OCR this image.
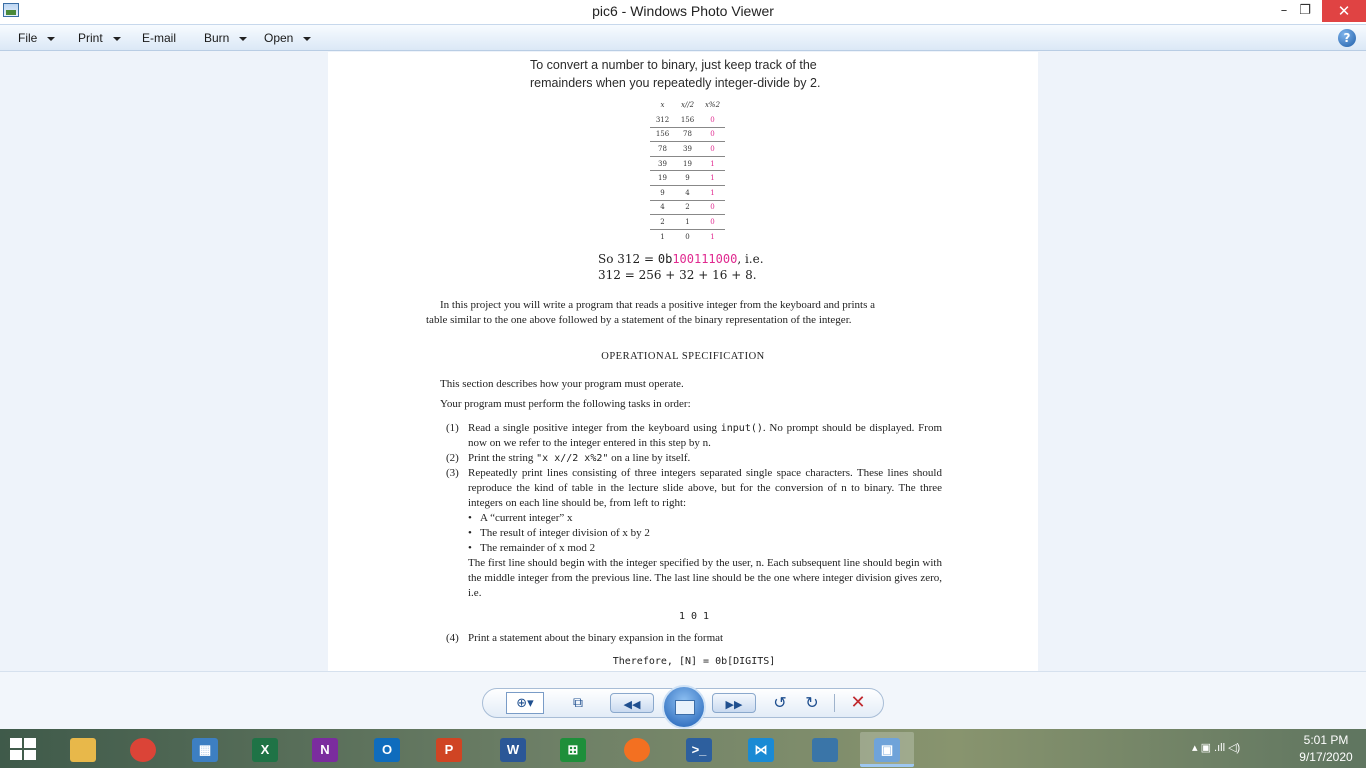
pic6 - Windows Photo Viewer	– ❐	✕
File	Print	E-mail Burn	Open	?
To convert a number to binary, just keep track of the
remainders when you repeatedly integer-divide by 2.
x	x//2	x%2
312	156	0
156	78	0
78	39	0
39	19	1
19	9	1
9	4	1
4	2	0
2	1	0
1	0	1
So 312 = 0b100111000, i.e.
312 = 256 + 32 + 16 + 8.
In this project you will write a program that reads a positive integer from the keyboard and prints a
table similar to the one above followed by a statement of the binary representation of the integer.
OPERATIONAL SPECIFICATION
This section describes how your program must operate.
Your program must perform the following tasks in order:
(1) Read a single positive integer from the keyboard using input(). No prompt should be displayed. From now on we refer to the integer entered in this step by n.
(2) Print the string "x x//2 x%2" on a line by itself.
(3) Repeatedly print lines consisting of three integers separated single space characters. These lines should reproduce the kind of table in the lecture slide above, but for the conversion of n to binary. The three integers on each line should be, from left to right:
• A “current integer” x
• The result of integer division of x by 2
• The remainder of x mod 2
The first line should begin with the integer specified by the user, n. Each subsequent line should begin with the middle integer from the previous line. The last line should be the one where integer division gives zero, i.e.
1 0 1
(4) Print a statement about the binary expansion in the format
Therefore, [N] = 0b[DIGITS]
⊕▾	⧉	◀◀	▶▶	↺ ↻ ✕
▦	X	N	O	P	W	⊞	>_	⋈	▣	▴ ▣ .ıll ◁)
5:01 PM
9/17/2020
